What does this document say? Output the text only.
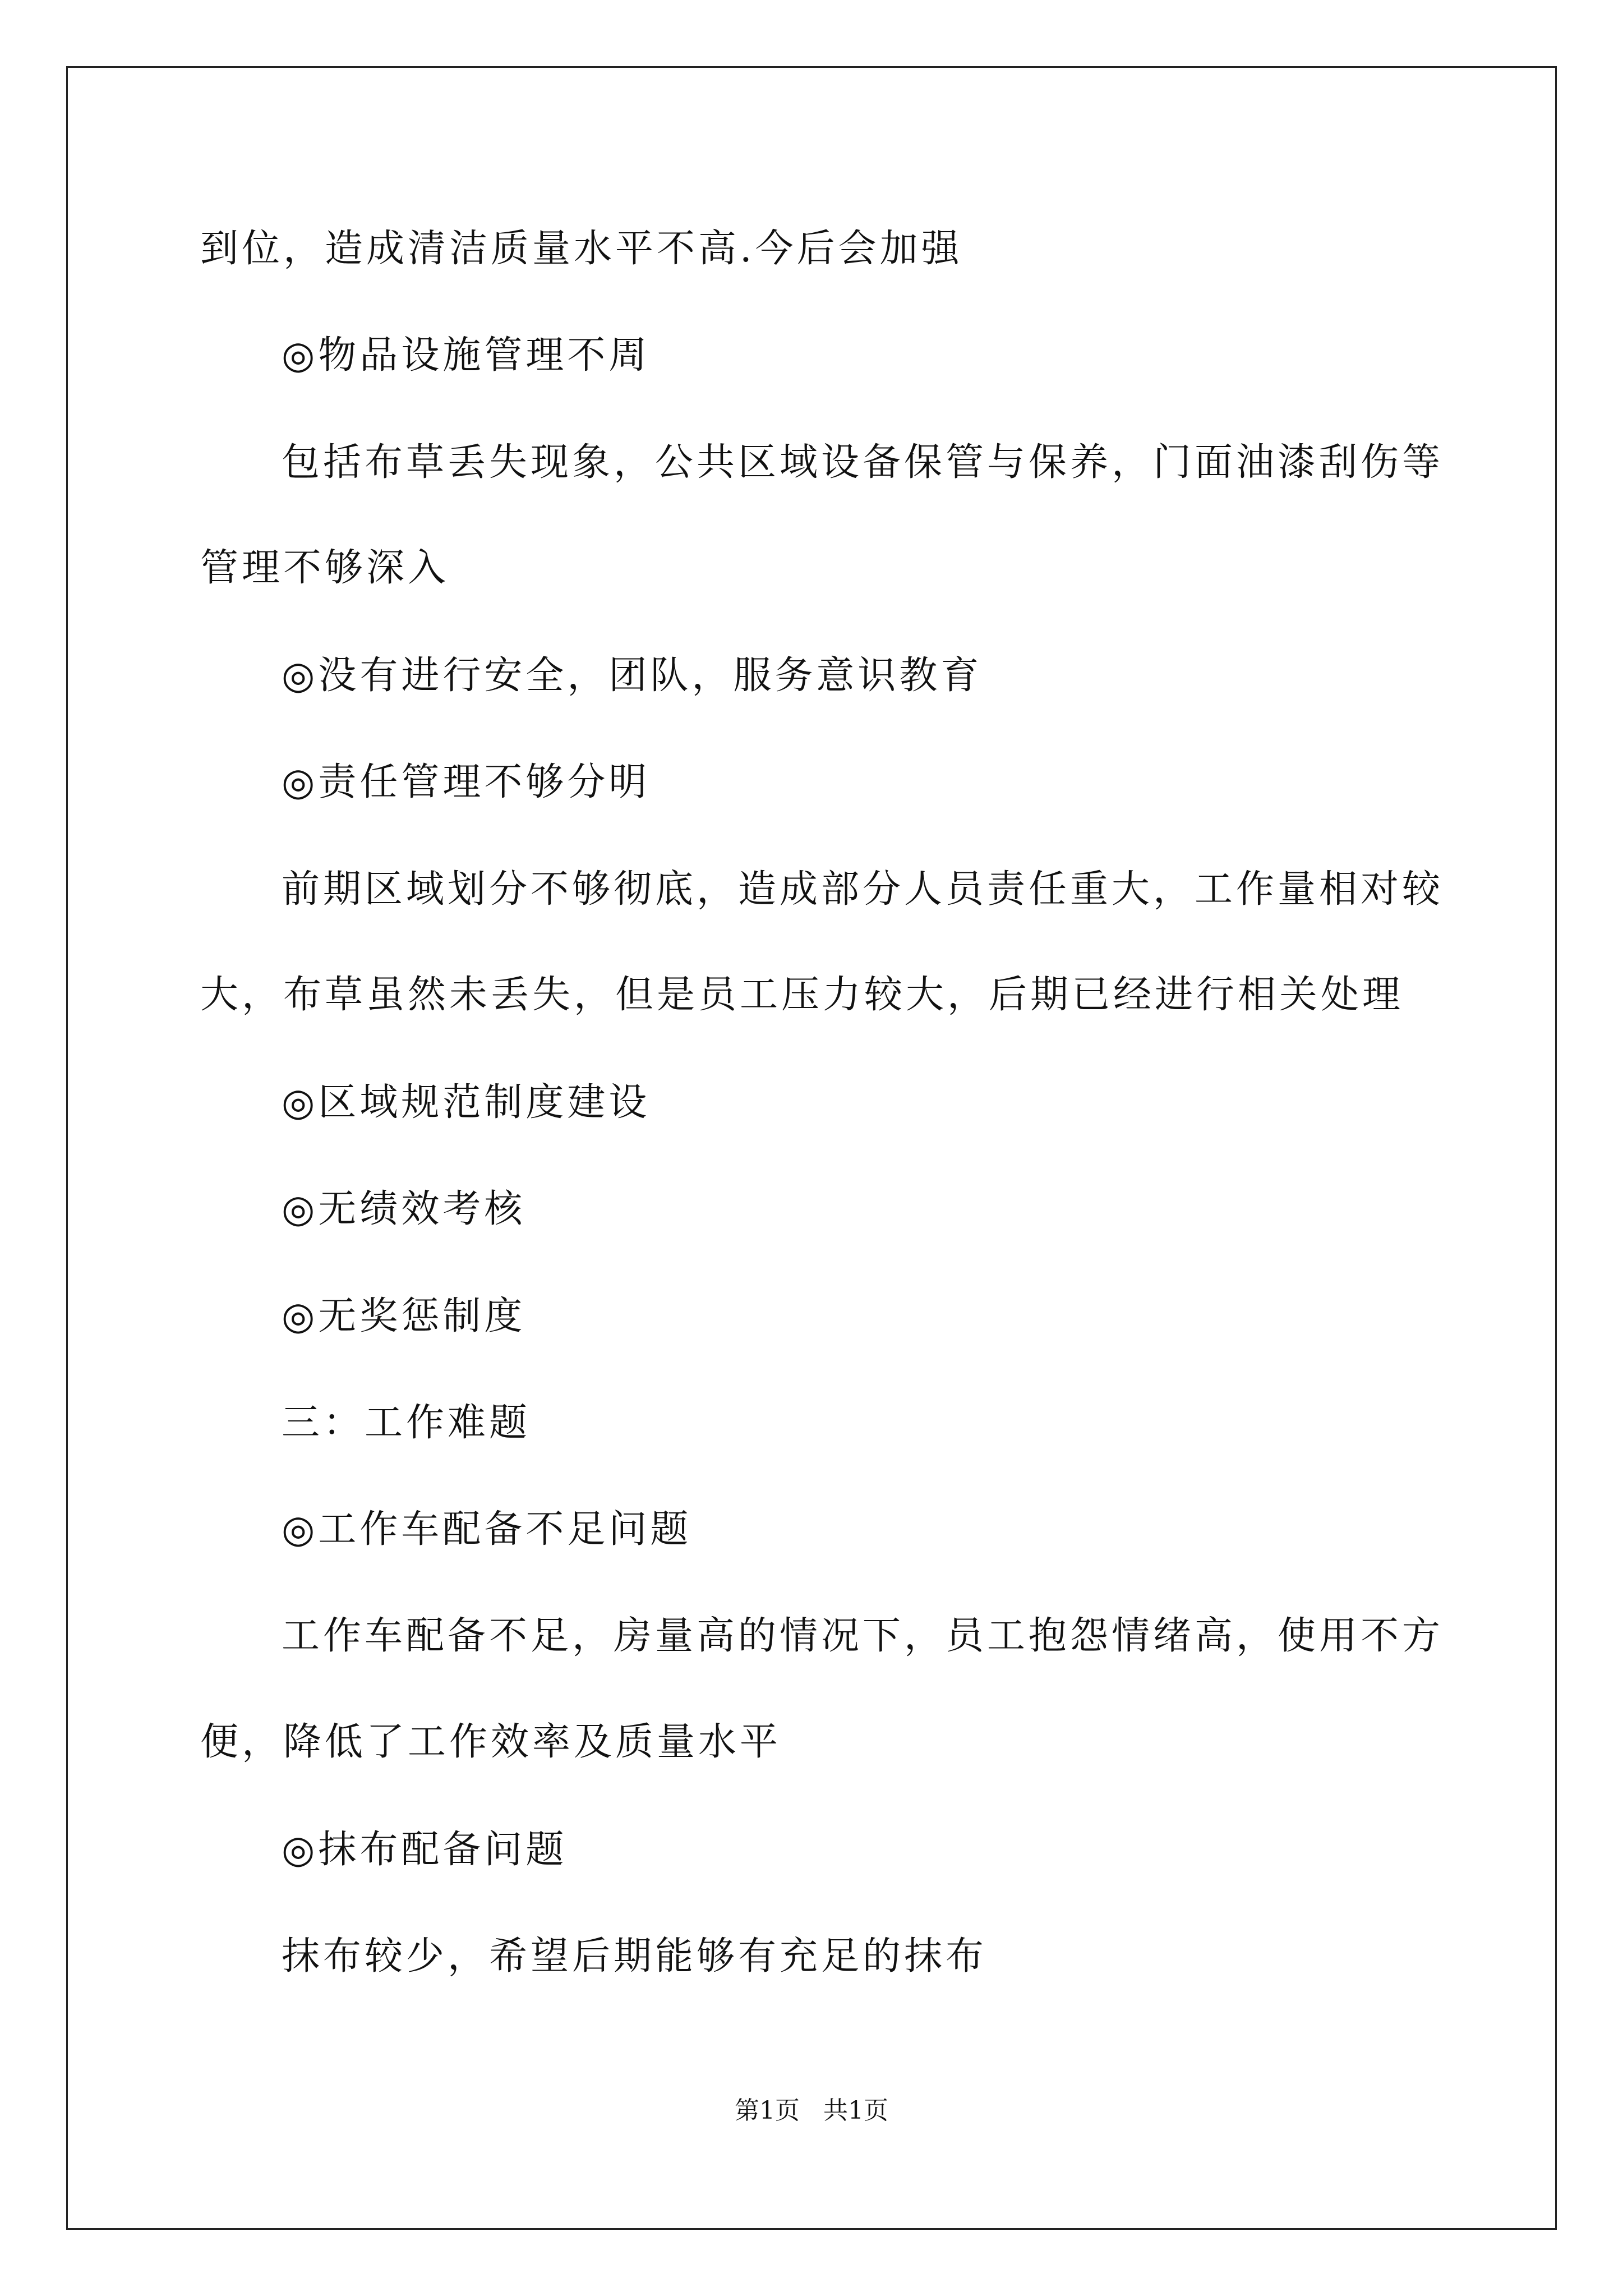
到位，造成清洁质量水平不高.今后会加强
◎物品设施管理不周
包括布草丢失现象，公共区域设备保管与保养，门面油漆刮伤等
管理不够深入
◎没有进行安全，团队，服务意识教育
◎责任管理不够分明
前期区域划分不够彻底，造成部分人员责任重大，工作量相对较
大，布草虽然未丢失，但是员工压力较大，后期已经进行相关处理
◎区域规范制度建设
◎无绩效考核
◎无奖惩制度
三：工作难题
◎工作车配备不足问题
工作车配备不足，房量高的情况下，员工抱怨情绪高，使用不方
便，降低了工作效率及质量水平
◎抹布配备问题
抹布较少，希望后期能够有充足的抹布
第1页   共1页
